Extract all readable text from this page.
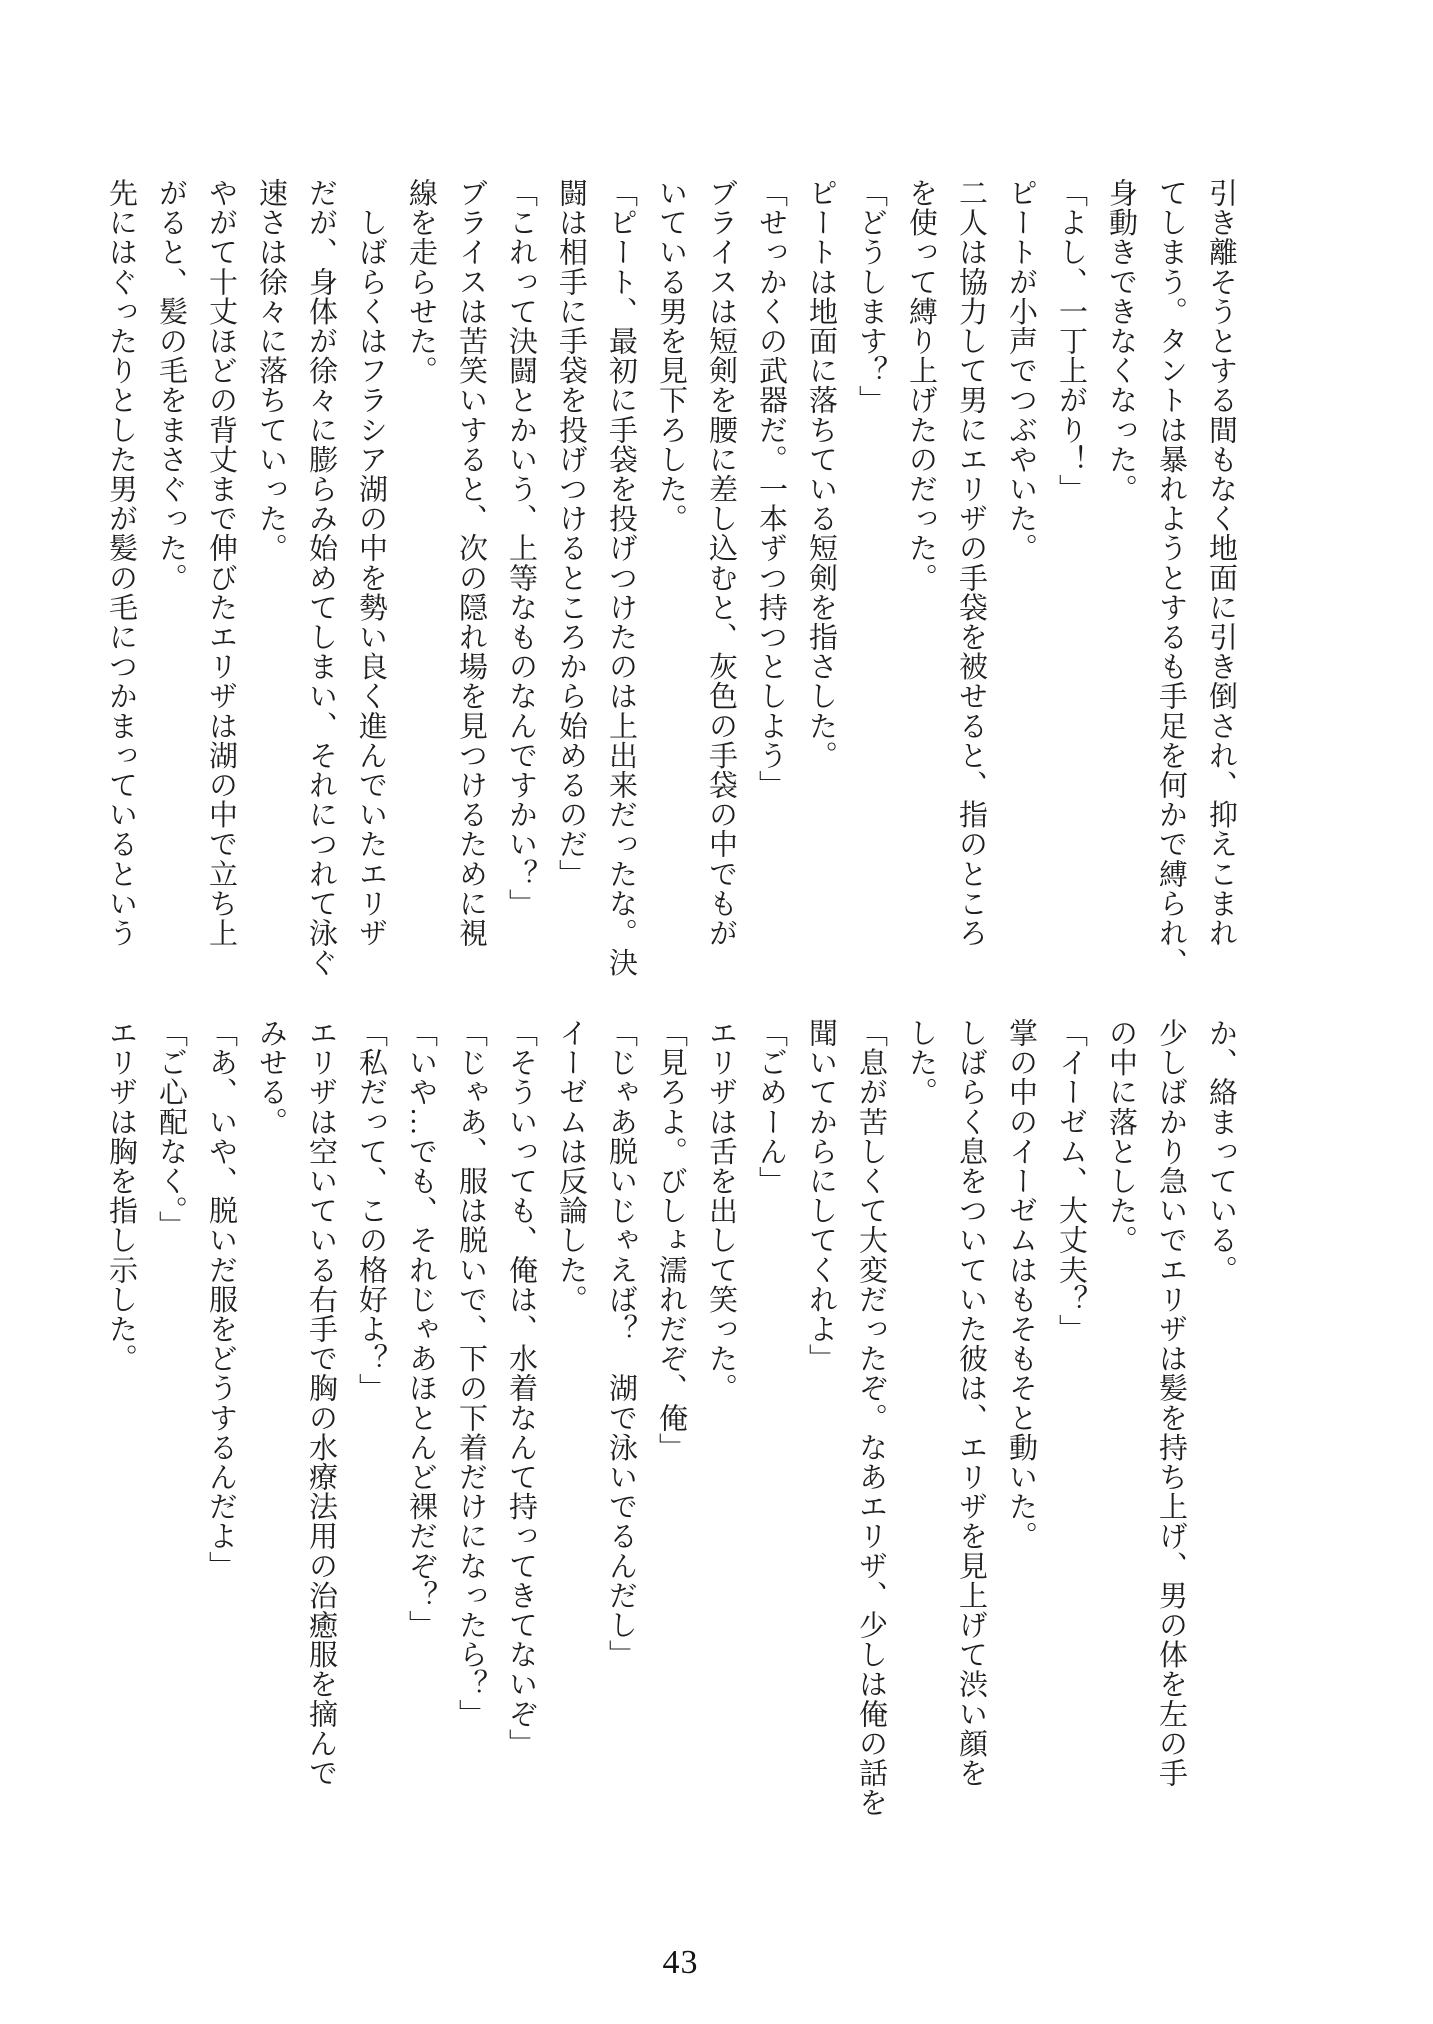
引き離そうとする間もなく地面に引き倒され、抑えこまれ
てしまう。タントは暴れようとするも手足を何かで縛られ、
身動きできなくなった。
「よし、一丁上がり！」
ピートが小声でつぶやいた。
二人は協力して男にエリザの手袋を被せると、指のところ
を使って縛り上げたのだった。
「どうします？」
ピートは地面に落ちている短剣を指さした。
「せっかくの武器だ。一本ずつ持つとしよう」
ブライスは短剣を腰に差し込むと、灰色の手袋の中でもが
いている男を見下ろした。
「ピート、最初に手袋を投げつけたのは上出来だったな。決
闘は相手に手袋を投げつけるところから始めるのだ」
「これって決闘とかいう、上等なものなんですかい？」
ブライスは苦笑いすると、次の隠れ場を見つけるために視
線を走らせた。
　しばらくはフラシア湖の中を勢い良く進んでいたエリザ
だが、身体が徐々に膨らみ始めてしまい、それにつれて泳ぐ
速さは徐々に落ちていった。
やがて十丈ほどの背丈まで伸びたエリザは湖の中で立ち上
がると、髪の毛をまさぐった。
先にはぐったりとした男が髪の毛につかまっているという
か、絡まっている。
少しばかり急いでエリザは髪を持ち上げ、男の体を左の手
の中に落とした。
「イーゼム、大丈夫？」
掌の中のイーゼムはもそもそと動いた。
しばらく息をついていた彼は、エリザを見上げて渋い顔を
した。
「息が苦しくて大変だったぞ。なあエリザ、少しは俺の話を
聞いてからにしてくれよ」
「ごめーん」
エリザは舌を出して笑った。
「見ろよ。びしょ濡れだぞ、俺」
「じゃあ脱いじゃえば？　湖で泳いでるんだし」
イーゼムは反論した。
「そういっても、俺は、水着なんて持ってきてないぞ」
「じゃあ、服は脱いで、下の下着だけになったら？」
「いや…でも、それじゃあほとんど裸だぞ？」
「私だって、この格好よ？」
エリザは空いている右手で胸の水療法用の治癒服を摘んで
みせる。
「あ、いや、脱いだ服をどうするんだよ」
「ご心配なく。」
エリザは胸を指し示した。
43
